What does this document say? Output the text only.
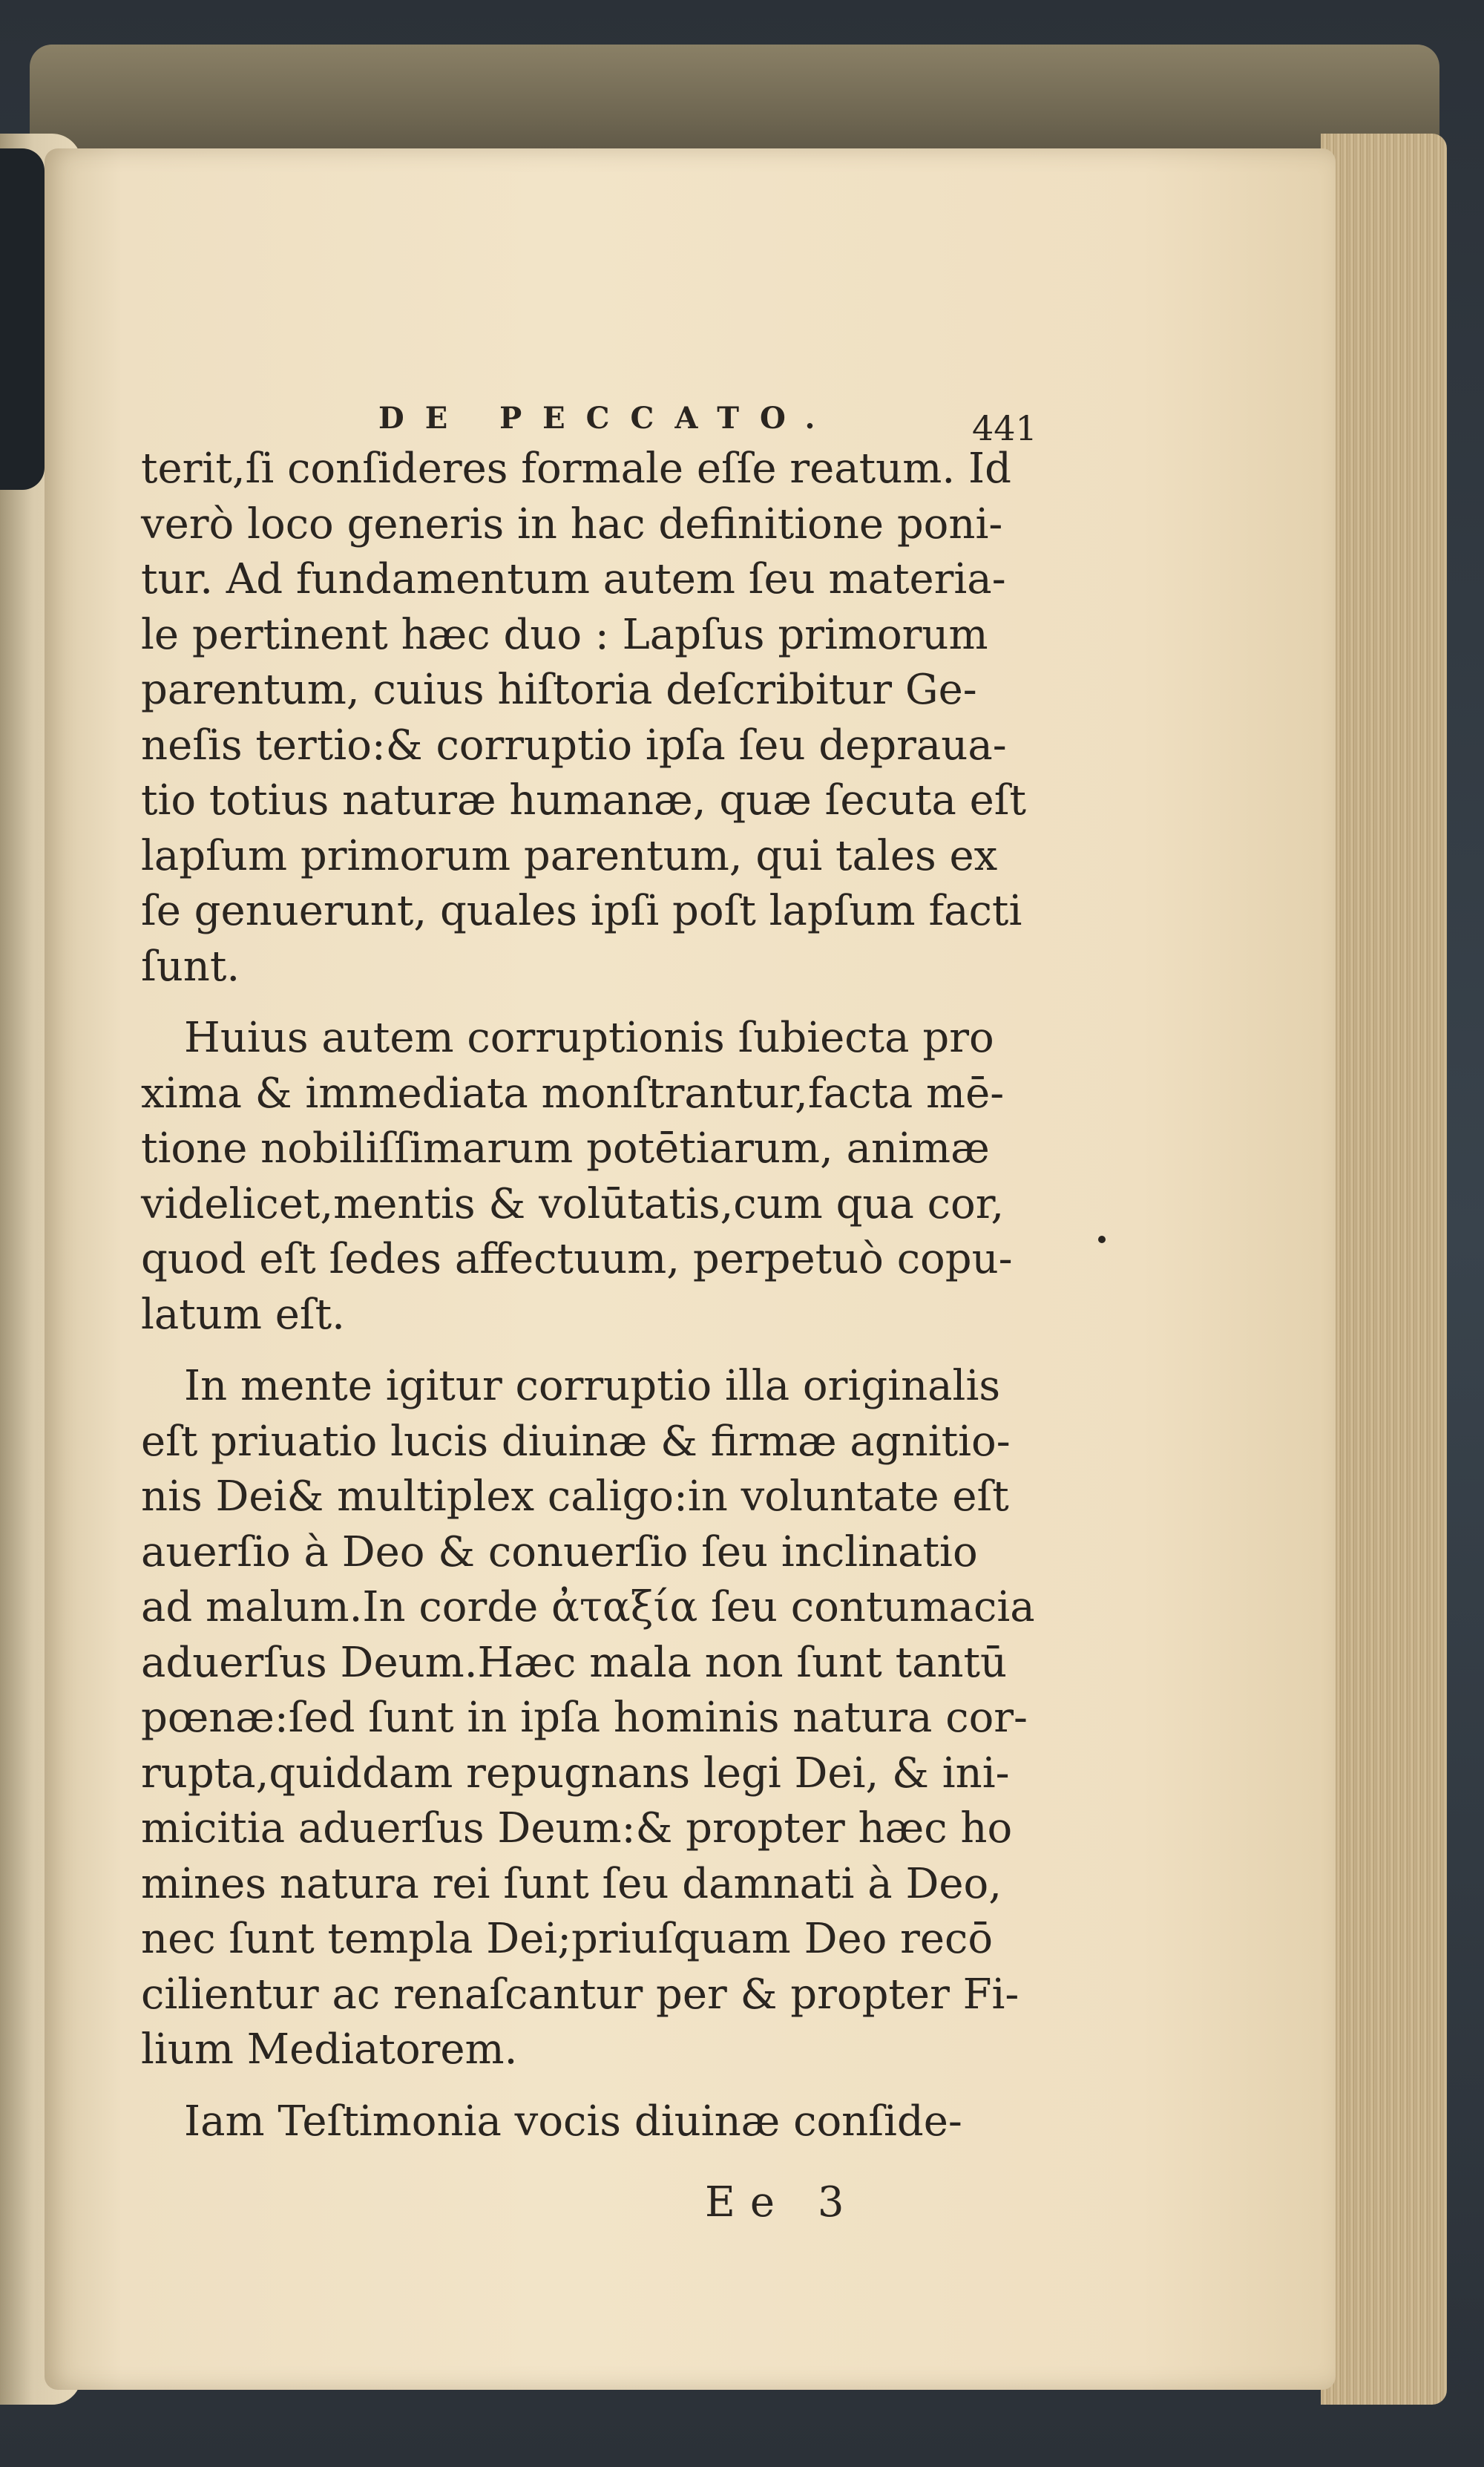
DE PECCATO.	441
terit,ſi conſideres formale eſſe reatum. Id
verò loco generis in hac definitione poni-
tur. Ad fundamentum autem ſeu materia-
le pertinent hæc duo : Lapſus primorum
parentum, cuius hiſtoria deſcribitur Ge-
neſis tertio:& corruptio ipſa ſeu deprauа-
tio totius naturæ humanæ, quæ ſecuta eſt
lapſum primorum parentum, qui tales ex
ſe genuerunt, quales ipſi poſt lapſum facti
ſunt.
Huius autem corruptionis ſubiecta pro
xima & immediata monſtrantur,facta mē-
tione nobiliſſimarum potētiarum, animæ
videlicet,mentis & volūtatis,cum qua cor,
quod eſt ſedes affectuum, perpetuò copu-
latum eſt.
In mente igitur corruptio illa originalis
eſt priuatio lucis diuinæ & firmæ agnitio-
nis Dei& multiplex caligo:in voluntate eſt
auerſio à Deo & conuerſio ſeu inclinatio
ad malum.In corde ἀταξία ſeu contumacia
aduerſus Deum.Hæc mala non ſunt tantū
pœnæ:ſed ſunt in ipſa hominis natura cor-
rupta,quiddam repugnans legi Dei, & ini-
micitia aduerſus Deum:& propter hæc ho
mines natura rei ſunt ſeu damnati à Deo,
nec ſunt templa Dei;priuſquam Deo recō
cilientur ac renaſcantur per & propter Fi-
lium Mediatorem.
Iam Teſtimonia vocis diuinæ conſide-
Ee 3
